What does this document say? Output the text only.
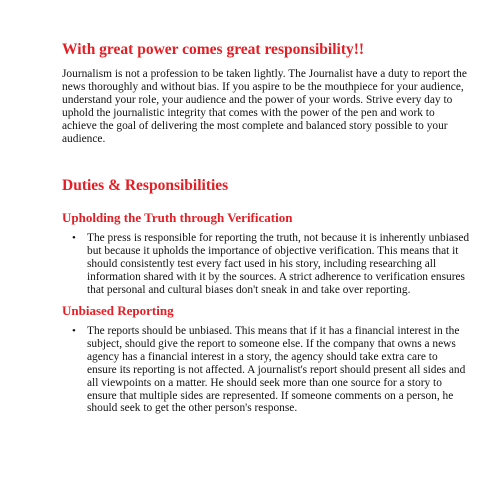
With great power comes great responsibility!!

Journalism is not a profession to be taken lightly. The Journalist have a duty to report the news thoroughly and without bias. If you aspire to be the mouthpiece for your audience, understand your role, your audience and the power of your words. Strive every day to uphold the journalistic integrity that comes with the power of the pen and work to achieve the goal of delivering the most complete and balanced story possible to your audience.

Duties & Responsibilities
Upholding the Truth through Verification
• The press is responsible for reporting the truth, not because it is inherently unbiased but because it upholds the importance of objective verification. This means that it should consistently test every fact used in his story, including researching all information shared with it by the sources. A strict adherence to verification ensures that personal and cultural biases don't sneak in and take over reporting.
Unbiased Reporting
• The reports should be unbiased. This means that if it has a financial interest in the subject, should give the report to someone else. If the company that owns a news agency has a financial interest in a story, the agency should take extra care to ensure its reporting is not affected. A journalist's report should present all sides and all viewpoints on a matter. He should seek more than one source for a story to ensure that multiple sides are represented. If someone comments on a person, he should seek to get the other person's response.
